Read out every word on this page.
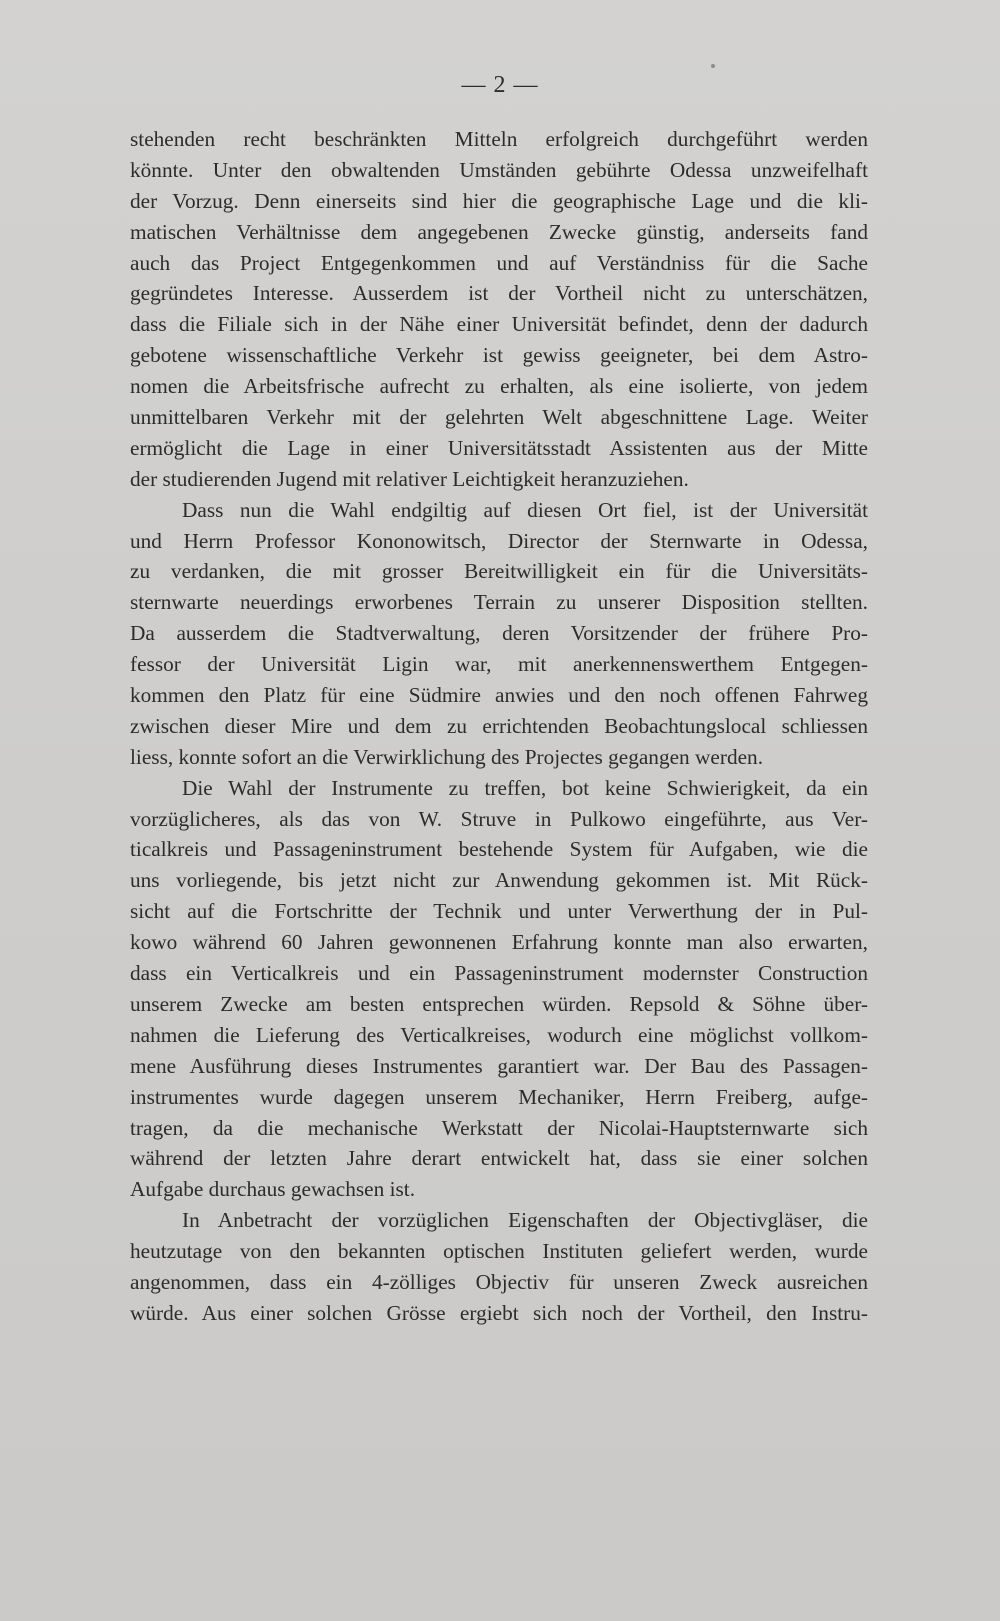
— 2 —
stehenden recht beschränkten Mitteln erfolgreich durchgeführt werden
könnte. Unter den obwaltenden Umständen gebührte Odessa unzweifelhaft
der Vorzug. Denn einerseits sind hier die geographische Lage und die kli-
matischen Verhältnisse dem angegebenen Zwecke günstig, anderseits fand
auch das Project Entgegenkommen und auf Verständniss für die Sache
gegründetes Interesse. Ausserdem ist der Vortheil nicht zu unterschätzen,
dass die Filiale sich in der Nähe einer Universität befindet, denn der dadurch
gebotene wissenschaftliche Verkehr ist gewiss geeigneter, bei dem Astro-
nomen die Arbeitsfrische aufrecht zu erhalten, als eine isolierte, von jedem
unmittelbaren Verkehr mit der gelehrten Welt abgeschnittene Lage. Weiter
ermöglicht die Lage in einer Universitätsstadt Assistenten aus der Mitte
der studierenden Jugend mit relativer Leichtigkeit heranzuziehen.
Dass nun die Wahl endgiltig auf diesen Ort fiel, ist der Universität
und Herrn Professor Kononowitsch, Director der Sternwarte in Odessa,
zu verdanken, die mit grosser Bereitwilligkeit ein für die Universitäts-
sternwarte neuerdings erworbenes Terrain zu unserer Disposition stellten.
Da ausserdem die Stadtverwaltung, deren Vorsitzender der frühere Pro-
fessor der Universität Ligin war, mit anerkennenswerthem Entgegen-
kommen den Platz für eine Südmire anwies und den noch offenen Fahrweg
zwischen dieser Mire und dem zu errichtenden Beobachtungslocal schliessen
liess, konnte sofort an die Verwirklichung des Projectes gegangen werden.
Die Wahl der Instrumente zu treffen, bot keine Schwierigkeit, da ein
vorzüglicheres, als das von W. Struve in Pulkowo eingeführte, aus Ver-
ticalkreis und Passageninstrument bestehende System für Aufgaben, wie die
uns vorliegende, bis jetzt nicht zur Anwendung gekommen ist. Mit Rück-
sicht auf die Fortschritte der Technik und unter Verwerthung der in Pul-
kowo während 60 Jahren gewonnenen Erfahrung konnte man also erwarten,
dass ein Verticalkreis und ein Passageninstrument modernster Construction
unserem Zwecke am besten entsprechen würden. Repsold & Söhne über-
nahmen die Lieferung des Verticalkreises, wodurch eine möglichst vollkom-
mene Ausführung dieses Instrumentes garantiert war. Der Bau des Passagen-
instrumentes wurde dagegen unserem Mechaniker, Herrn Freiberg, aufge-
tragen, da die mechanische Werkstatt der Nicolai-Hauptsternwarte sich
während der letzten Jahre derart entwickelt hat, dass sie einer solchen
Aufgabe durchaus gewachsen ist.
In Anbetracht der vorzüglichen Eigenschaften der Objectivgläser, die
heutzutage von den bekannten optischen Instituten geliefert werden, wurde
angenommen, dass ein 4-zölliges Objectiv für unseren Zweck ausreichen
würde. Aus einer solchen Grösse ergiebt sich noch der Vortheil, den Instru-
